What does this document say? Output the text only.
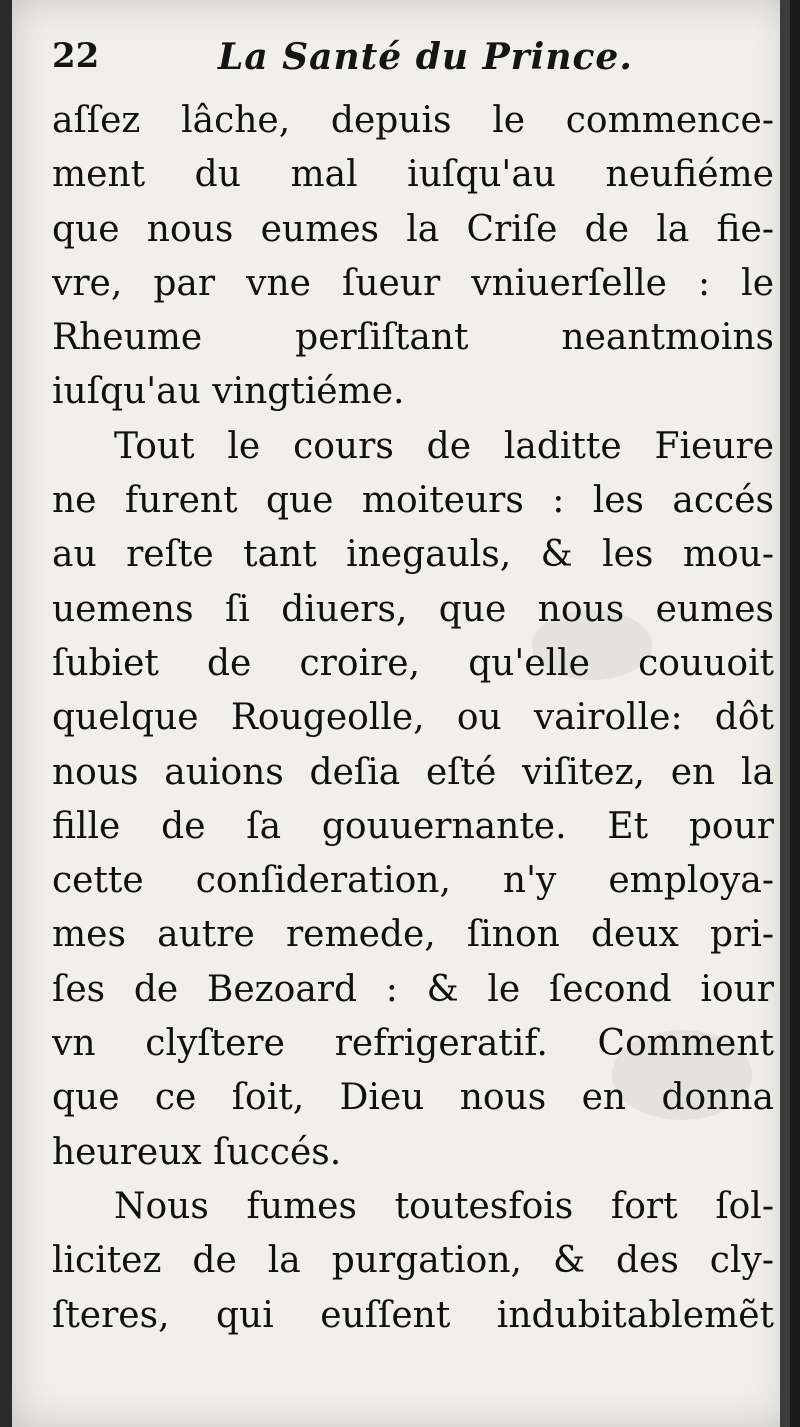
22	La Santé du Prince.
aſſez lâche, depuis le commence-
ment du mal iuſqu'au neufiéme
que nous eumes la Criſe de la fie-
vre, par vne ſueur vniuerſelle : le
Rheume perſiſtant neantmoins
iuſqu'au vingtiéme.
Tout le cours de laditte Fieure
ne furent que moiteurs : les accés
au reſte tant inegauls, & les mou-
uemens ſi diuers, que nous eumes
ſubiet de croire, qu'elle couuoit
quelque Rougeolle, ou vairolle: dôt
nous auions deſia eſté viſitez, en la
fille de ſa gouuernante. Et pour
cette conſideration, n'y employa-
mes autre remede, ſinon deux pri-
ſes de Bezoard : & le ſecond iour
vn clyſtere refrigeratif. Comment
que ce ſoit, Dieu nous en donna
heureux ſuccés.
Nous fumes toutesfois fort ſol-
licitez de la purgation, & des cly-
ſteres, qui euſſent indubitablemẽt
